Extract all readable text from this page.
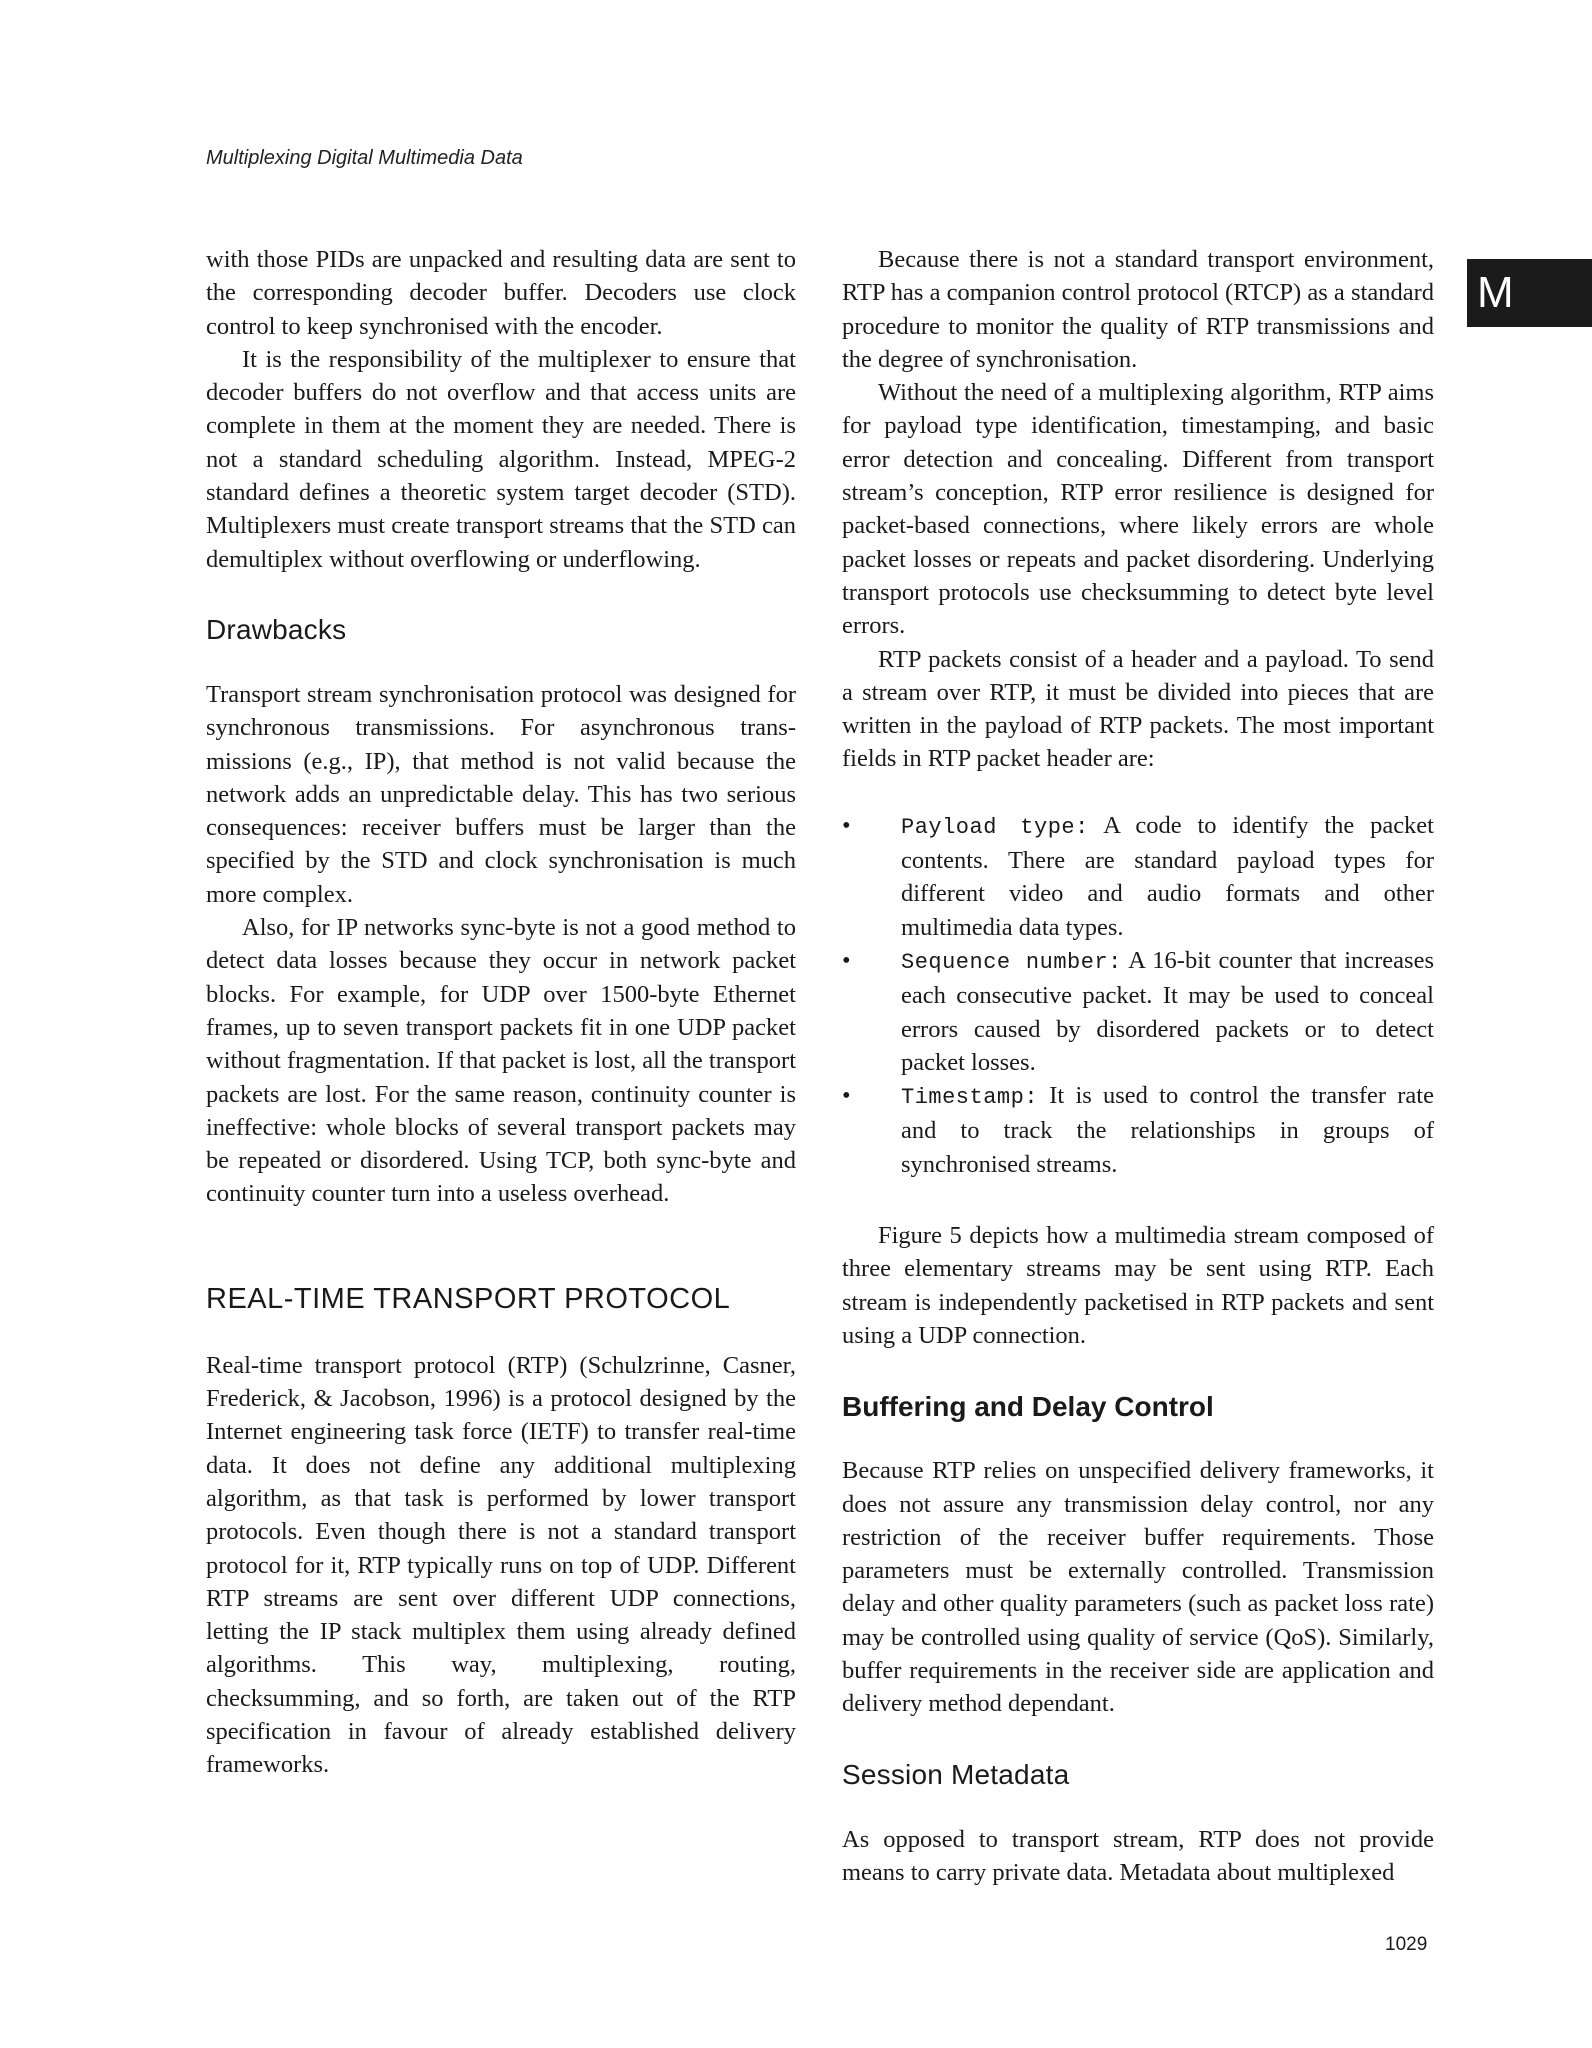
Multiplexing Digital Multimedia Data
M

with those PIDs are unpacked and resulting data are sent to the corresponding decoder buffer. Decoders use clock control to keep synchronised with the encoder.

It is the responsibility of the multiplexer to ensure that decoder buffers do not overflow and that access units are complete in them at the moment they are needed. There is not a standard scheduling algorithm. Instead, MPEG-2 standard defines a theoretic system target decoder (STD). Multiplexers must create transport streams that the STD can demultiplex without overflowing or underflowing.

Drawbacks

Transport stream synchronisation protocol was designed for synchronous transmissions. For asynchronous transmissions (e.g., IP), that method is not valid because the network adds an unpredictable delay. This has two serious consequences: receiver buffers must be larger than the specified by the STD and clock synchronisation is much more complex.

Also, for IP networks sync-byte is not a good method to detect data losses because they occur in network packet blocks. For example, for UDP over 1500-byte Ethernet frames, up to seven transport packets fit in one UDP packet without fragmentation. If that packet is lost, all the transport packets are lost. For the same reason, continuity counter is ineffective: whole blocks of several transport packets may be repeated or disordered. Using TCP, both sync-byte and continuity counter turn into a useless overhead.

REAL-TIME TRANSPORT PROTOCOL

Real-time transport protocol (RTP) (Schulzrinne, Casner, Frederick, & Jacobson, 1996) is a protocol designed by the Internet engineering task force (IETF) to transfer real-time data. It does not define any additional multiplexing algorithm, as that task is performed by lower transport protocols. Even though there is not a standard transport protocol for it, RTP typically runs on top of UDP. Different RTP streams are sent over different UDP connections, letting the IP stack multiplex them using already defined algorithms. This way, multiplexing, routing, checksumming, and so forth, are taken out of the RTP specification in favour of already established delivery frameworks.

Because there is not a standard transport environment, RTP has a companion control protocol (RTCP) as a standard procedure to monitor the quality of RTP transmissions and the degree of synchronisation.

Without the need of a multiplexing algorithm, RTP aims for payload type identification, timestamping, and basic error detection and concealing. Different from transport stream’s conception, RTP error resilience is designed for packet-based connections, where likely errors are whole packet losses or repeats and packet disordering. Underlying transport protocols use checksumming to detect byte level errors.

RTP packets consist of a header and a payload. To send a stream over RTP, it must be divided into pieces that are written in the payload of RTP packets. The most important fields in RTP packet header are:

• Payload type: A code to identify the packet contents. There are standard payload types for different video and audio formats and other multimedia data types.
• Sequence number: A 16-bit counter that increases each consecutive packet. It may be used to conceal errors caused by disordered packets or to detect packet losses.
• Timestamp: It is used to control the transfer rate and to track the relationships in groups of synchronised streams.

Figure 5 depicts how a multimedia stream composed of three elementary streams may be sent using RTP. Each stream is independently packetised in RTP packets and sent using a UDP connection.

Buffering and Delay Control

Because RTP relies on unspecified delivery frameworks, it does not assure any transmission delay control, nor any restriction of the receiver buffer requirements. Those parameters must be externally controlled. Transmission delay and other quality parameters (such as packet loss rate) may be controlled using quality of service (QoS). Similarly, buffer requirements in the receiver side are application and delivery method dependant.

Session Metadata

As opposed to transport stream, RTP does not provide means to carry private data. Metadata about multiplexed

1029
